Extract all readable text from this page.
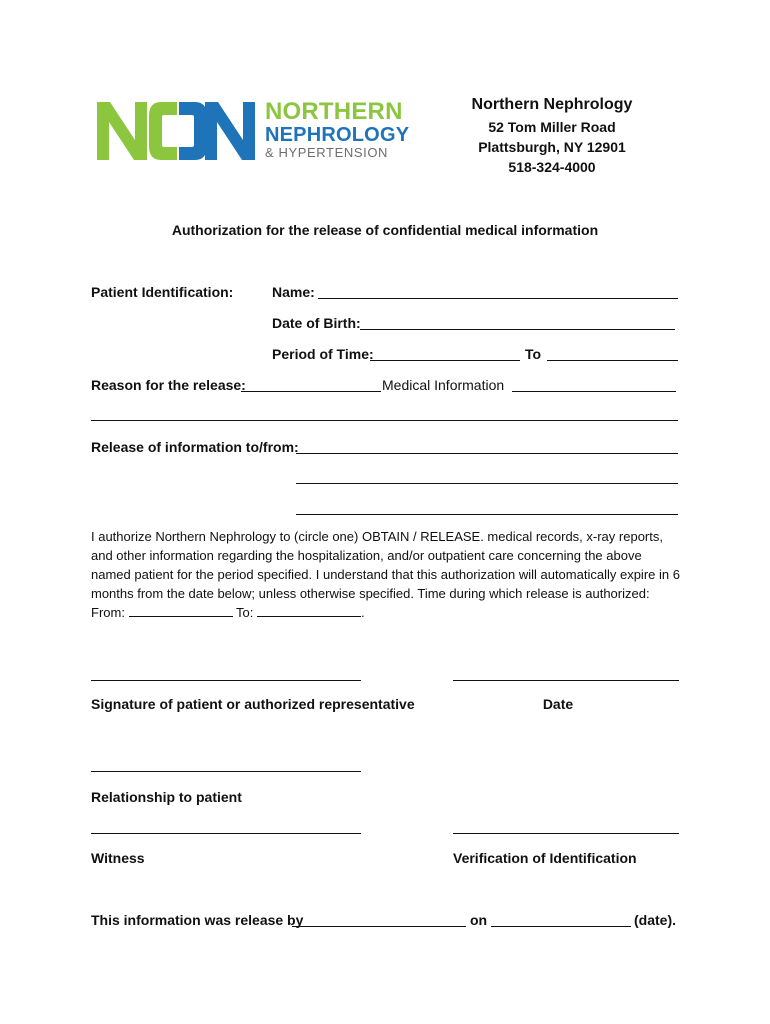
NORTHERN
NEPHROLOGY
& HYPERTENSION
Northern Nephrology
52 Tom Miller Road
Plattsburgh, NY 12901
518-324-4000
Authorization for the release of confidential medical information
Patient Identification:	Name:
Date of Birth:
Period of Time:	To
Reason for the release:	Medical Information
Release of information to/from:
I authorize Northern Nephrology to (circle one) OBTAIN / RELEASE. medical records, x-ray reports, and other information regarding the hospitalization, and/or outpatient care concerning the above named patient for the period specified. I understand that this authorization will automatically expire in 6 months from the date below; unless otherwise specified. Time during which release is authorized:
From:	To:	.
Signature of patient or authorized representative	Date
Relationship to patient
Witness	Verification of Identification
This information was release by	on	(date).
